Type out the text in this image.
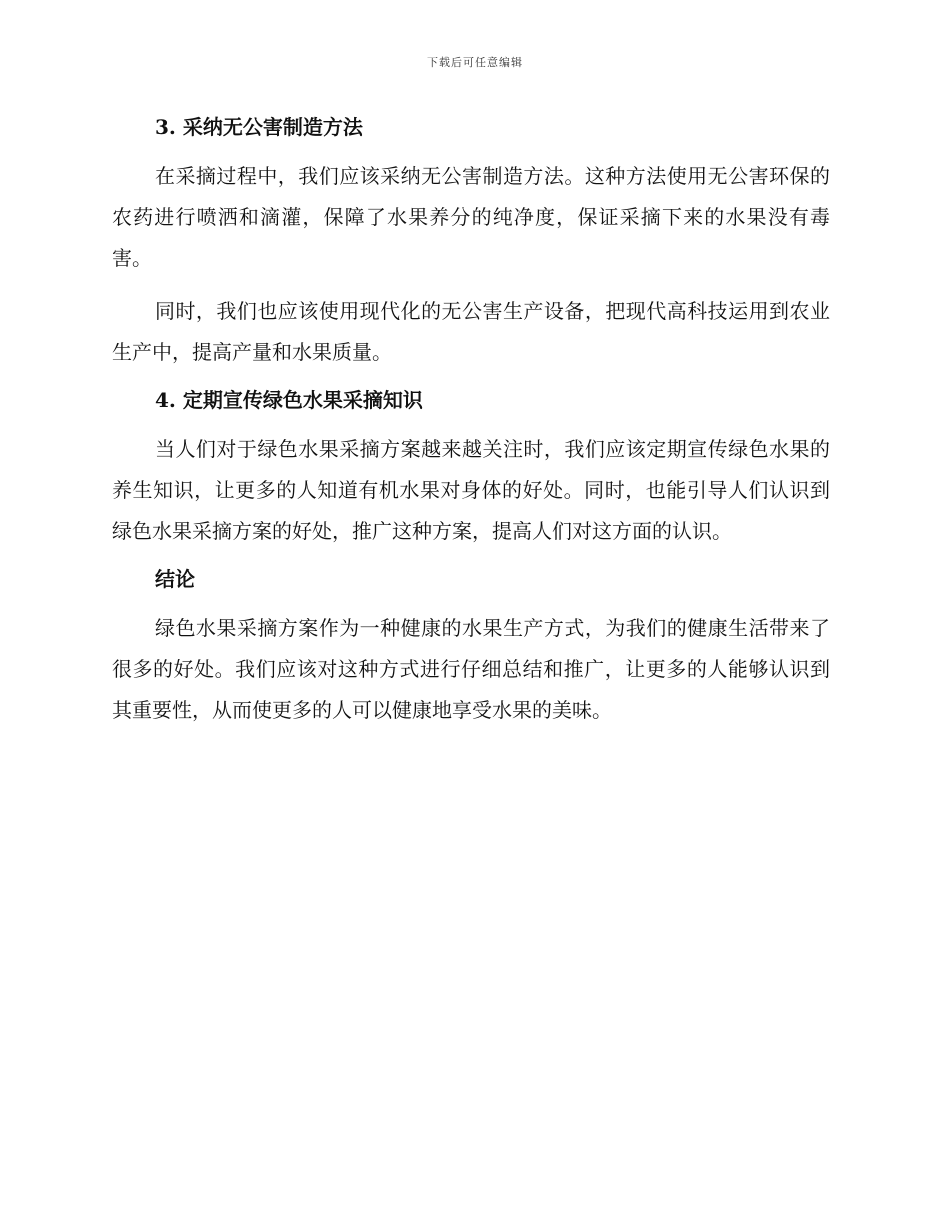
下载后可任意编辑
3. 采纳无公害制造方法

在采摘过程中，我们应该采纳无公害制造方法。这种方法使用无公害环保的农药进行喷洒和滴灌，保障了水果养分的纯净度，保证采摘下来的水果没有毒害。

同时，我们也应该使用现代化的无公害生产设备，把现代高科技运用到农业生产中，提高产量和水果质量。

4. 定期宣传绿色水果采摘知识

当人们对于绿色水果采摘方案越来越关注时，我们应该定期宣传绿色水果的养生知识，让更多的人知道有机水果对身体的好处。同时，也能引导人们认识到绿色水果采摘方案的好处，推广这种方案，提高人们对这方面的认识。

结论

绿色水果采摘方案作为一种健康的水果生产方式，为我们的健康生活带来了很多的好处。我们应该对这种方式进行仔细总结和推广，让更多的人能够认识到其重要性，从而使更多的人可以健康地享受水果的美味。
